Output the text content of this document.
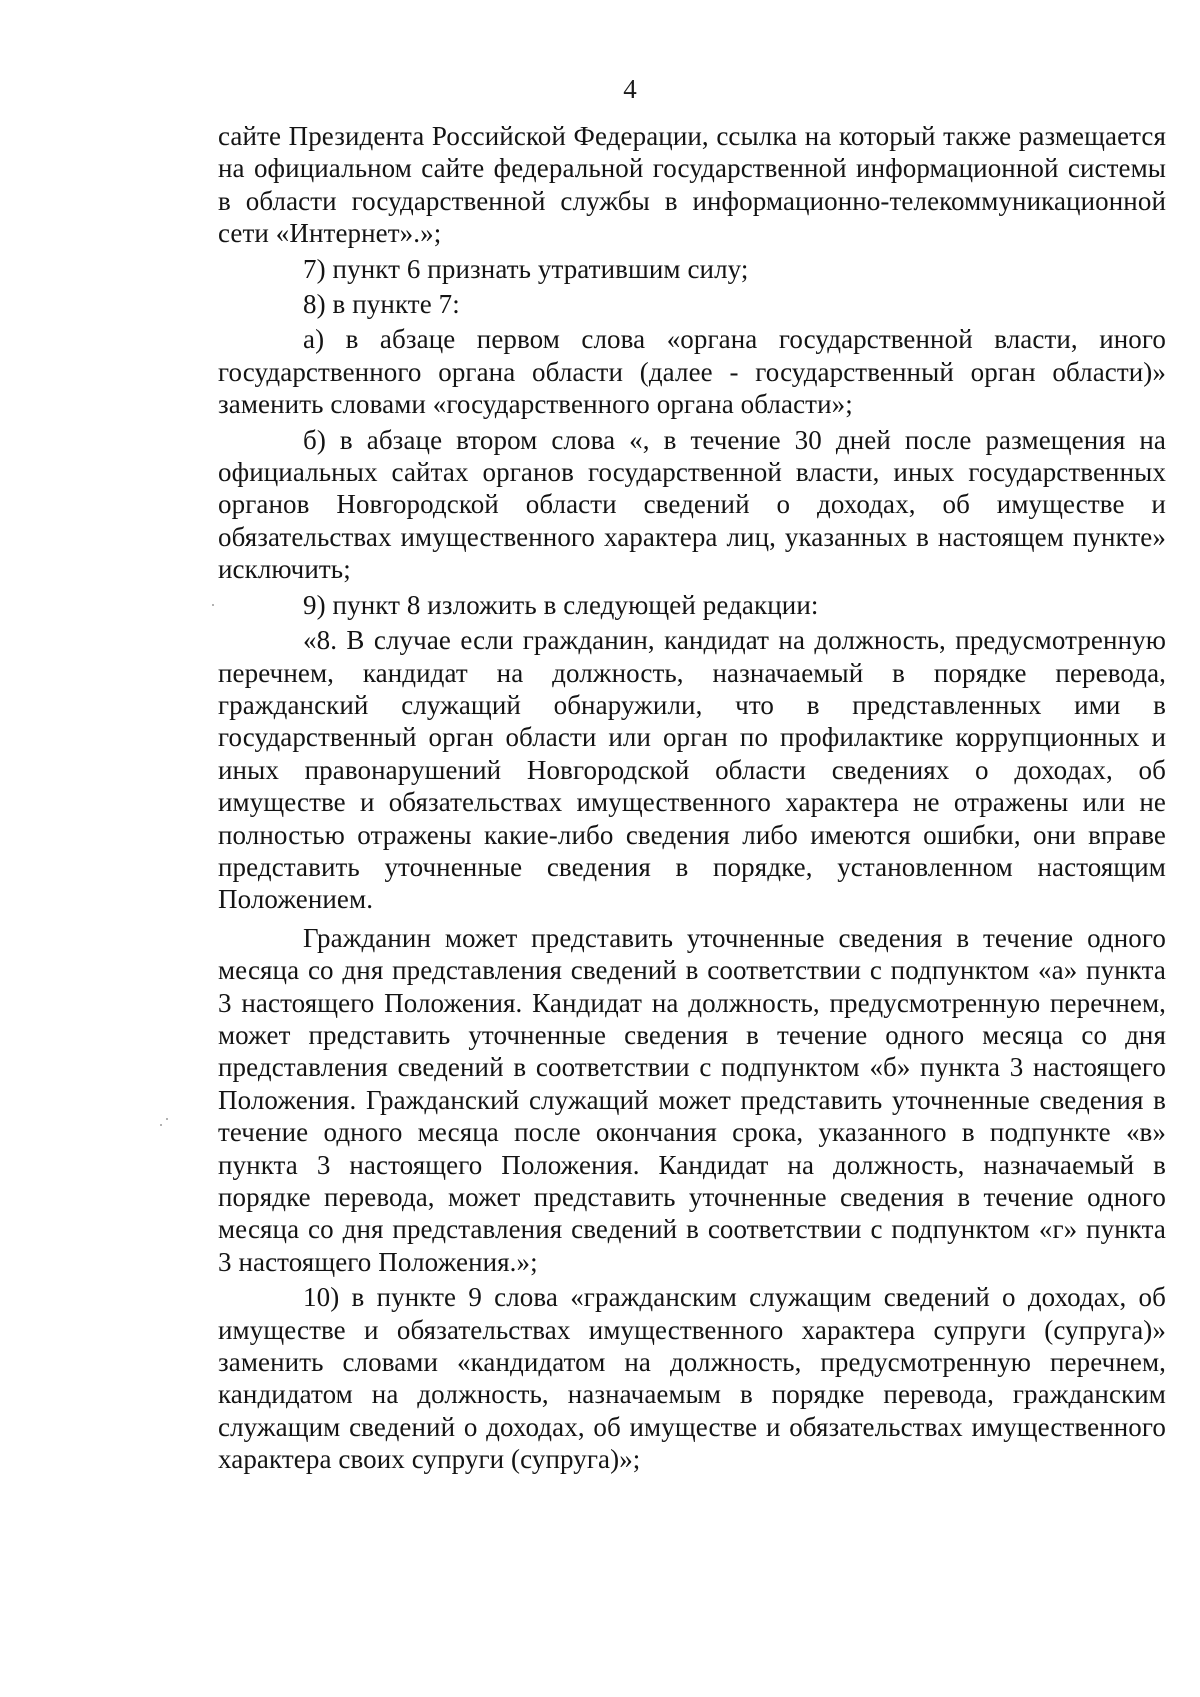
4

сайте Президента Российской Федерации, ссылка на который также размещается на официальном сайте федеральной государственной информационной системы в области государственной службы в информационно-телекоммуникационной сети «Интернет».»;

7) пункт 6 признать утратившим силу;

8) в пункте 7:

а) в абзаце первом слова «органа государственной власти, иного государственного органа области (далее - государственный орган области)» заменить словами «государственного органа области»;

б) в абзаце втором слова «, в течение 30 дней после размещения на официальных сайтах органов государственной власти, иных государственных органов Новгородской области сведений о доходах, об имуществе и обязательствах имущественного характера лиц, указанных в настоящем пункте» исключить;

9) пункт 8 изложить в следующей редакции:

«8. В случае если гражданин, кандидат на должность, предусмотренную перечнем, кандидат на должность, назначаемый в порядке перевода, гражданский служащий обнаружили, что в представленных ими в государственный орган области или орган по профилактике коррупционных и иных правонарушений Новгородской области сведениях о доходах, об имуществе и обязательствах имущественного характера не отражены или не полностью отражены какие-либо сведения либо имеются ошибки, они вправе представить уточненные сведения в порядке, установленном настоящим Положением.

Гражданин может представить уточненные сведения в течение одного месяца со дня представления сведений в соответствии с подпунктом «а» пункта 3 настоящего Положения. Кандидат на должность, предусмотренную перечнем, может представить уточненные сведения в течение одного месяца со дня представления сведений в соответствии с подпунктом «б» пункта 3 настоящего Положения. Гражданский служащий может представить уточненные сведения в течение одного месяца после окончания срока, указанного в подпункте «в» пункта 3 настоящего Положения. Кандидат на должность, назначаемый в порядке перевода, может представить уточненные сведения в течение одного месяца со дня представления сведений в соответствии с подпунктом «г» пункта 3 настоящего Положения.»;

10) в пункте 9 слова «гражданским служащим сведений о доходах, об имуществе и обязательствах имущественного характера супруги (супруга)» заменить словами «кандидатом на должность, предусмотренную перечнем, кандидатом на должность, назначаемым в порядке перевода, гражданским служащим сведений о доходах, об имуществе и обязательствах имущественного характера своих супруги (супруга)»;
